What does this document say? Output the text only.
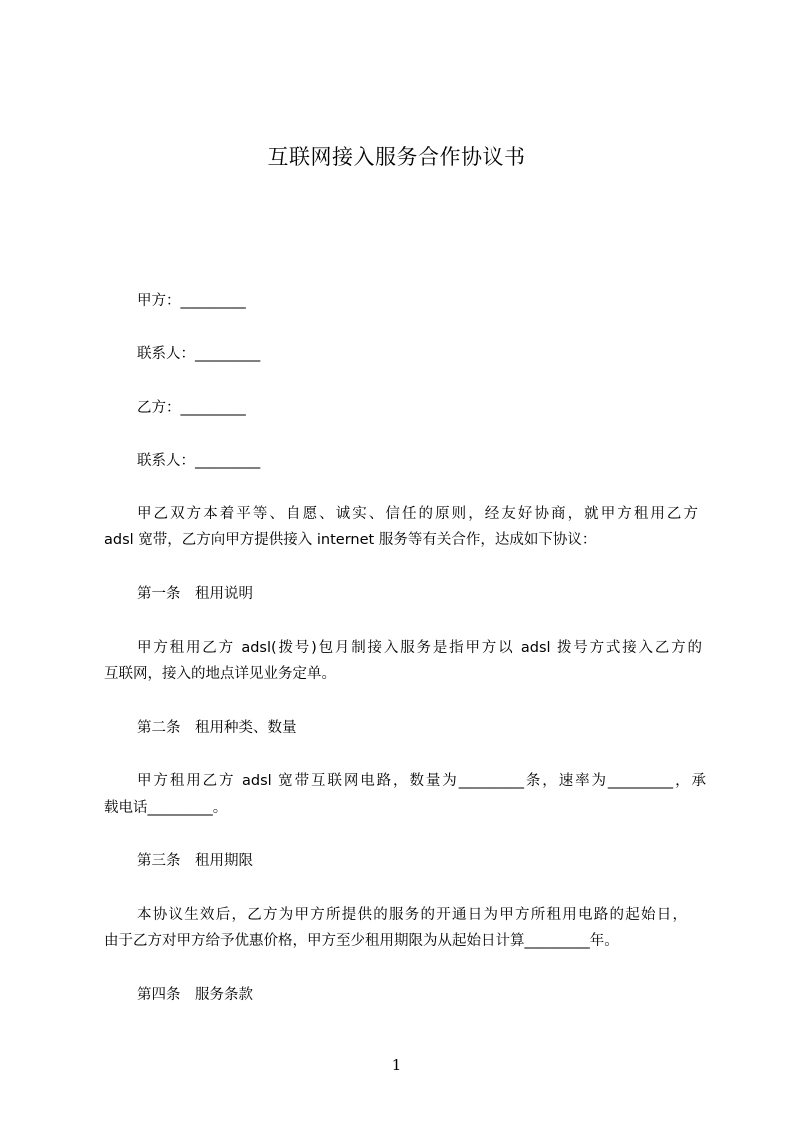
互联网接入服务合作协议书
甲方：_________
联系人：_________
乙方：_________
联系人：_________
甲乙双方本着平等、自愿、诚实、信任的原则，经友好协商，就甲方租用乙方
adsl 宽带，乙方向甲方提供接入 internet 服务等有关合作，达成如下协议：
第一条　租用说明
甲方租用乙方 adsl(拨号)包月制接入服务是指甲方以 adsl 拨号方式接入乙方的
互联网，接入的地点详见业务定单。
第二条　租用种类、数量
甲方租用乙方 adsl 宽带互联网电路，数量为_________条，速率为_________，承
载电话_________。
第三条　租用期限
本协议生效后，乙方为甲方所提供的服务的开通日为甲方所租用电路的起始日，
由于乙方对甲方给予优惠价格，甲方至少租用期限为从起始日计算_________年。
第四条　服务条款
1
